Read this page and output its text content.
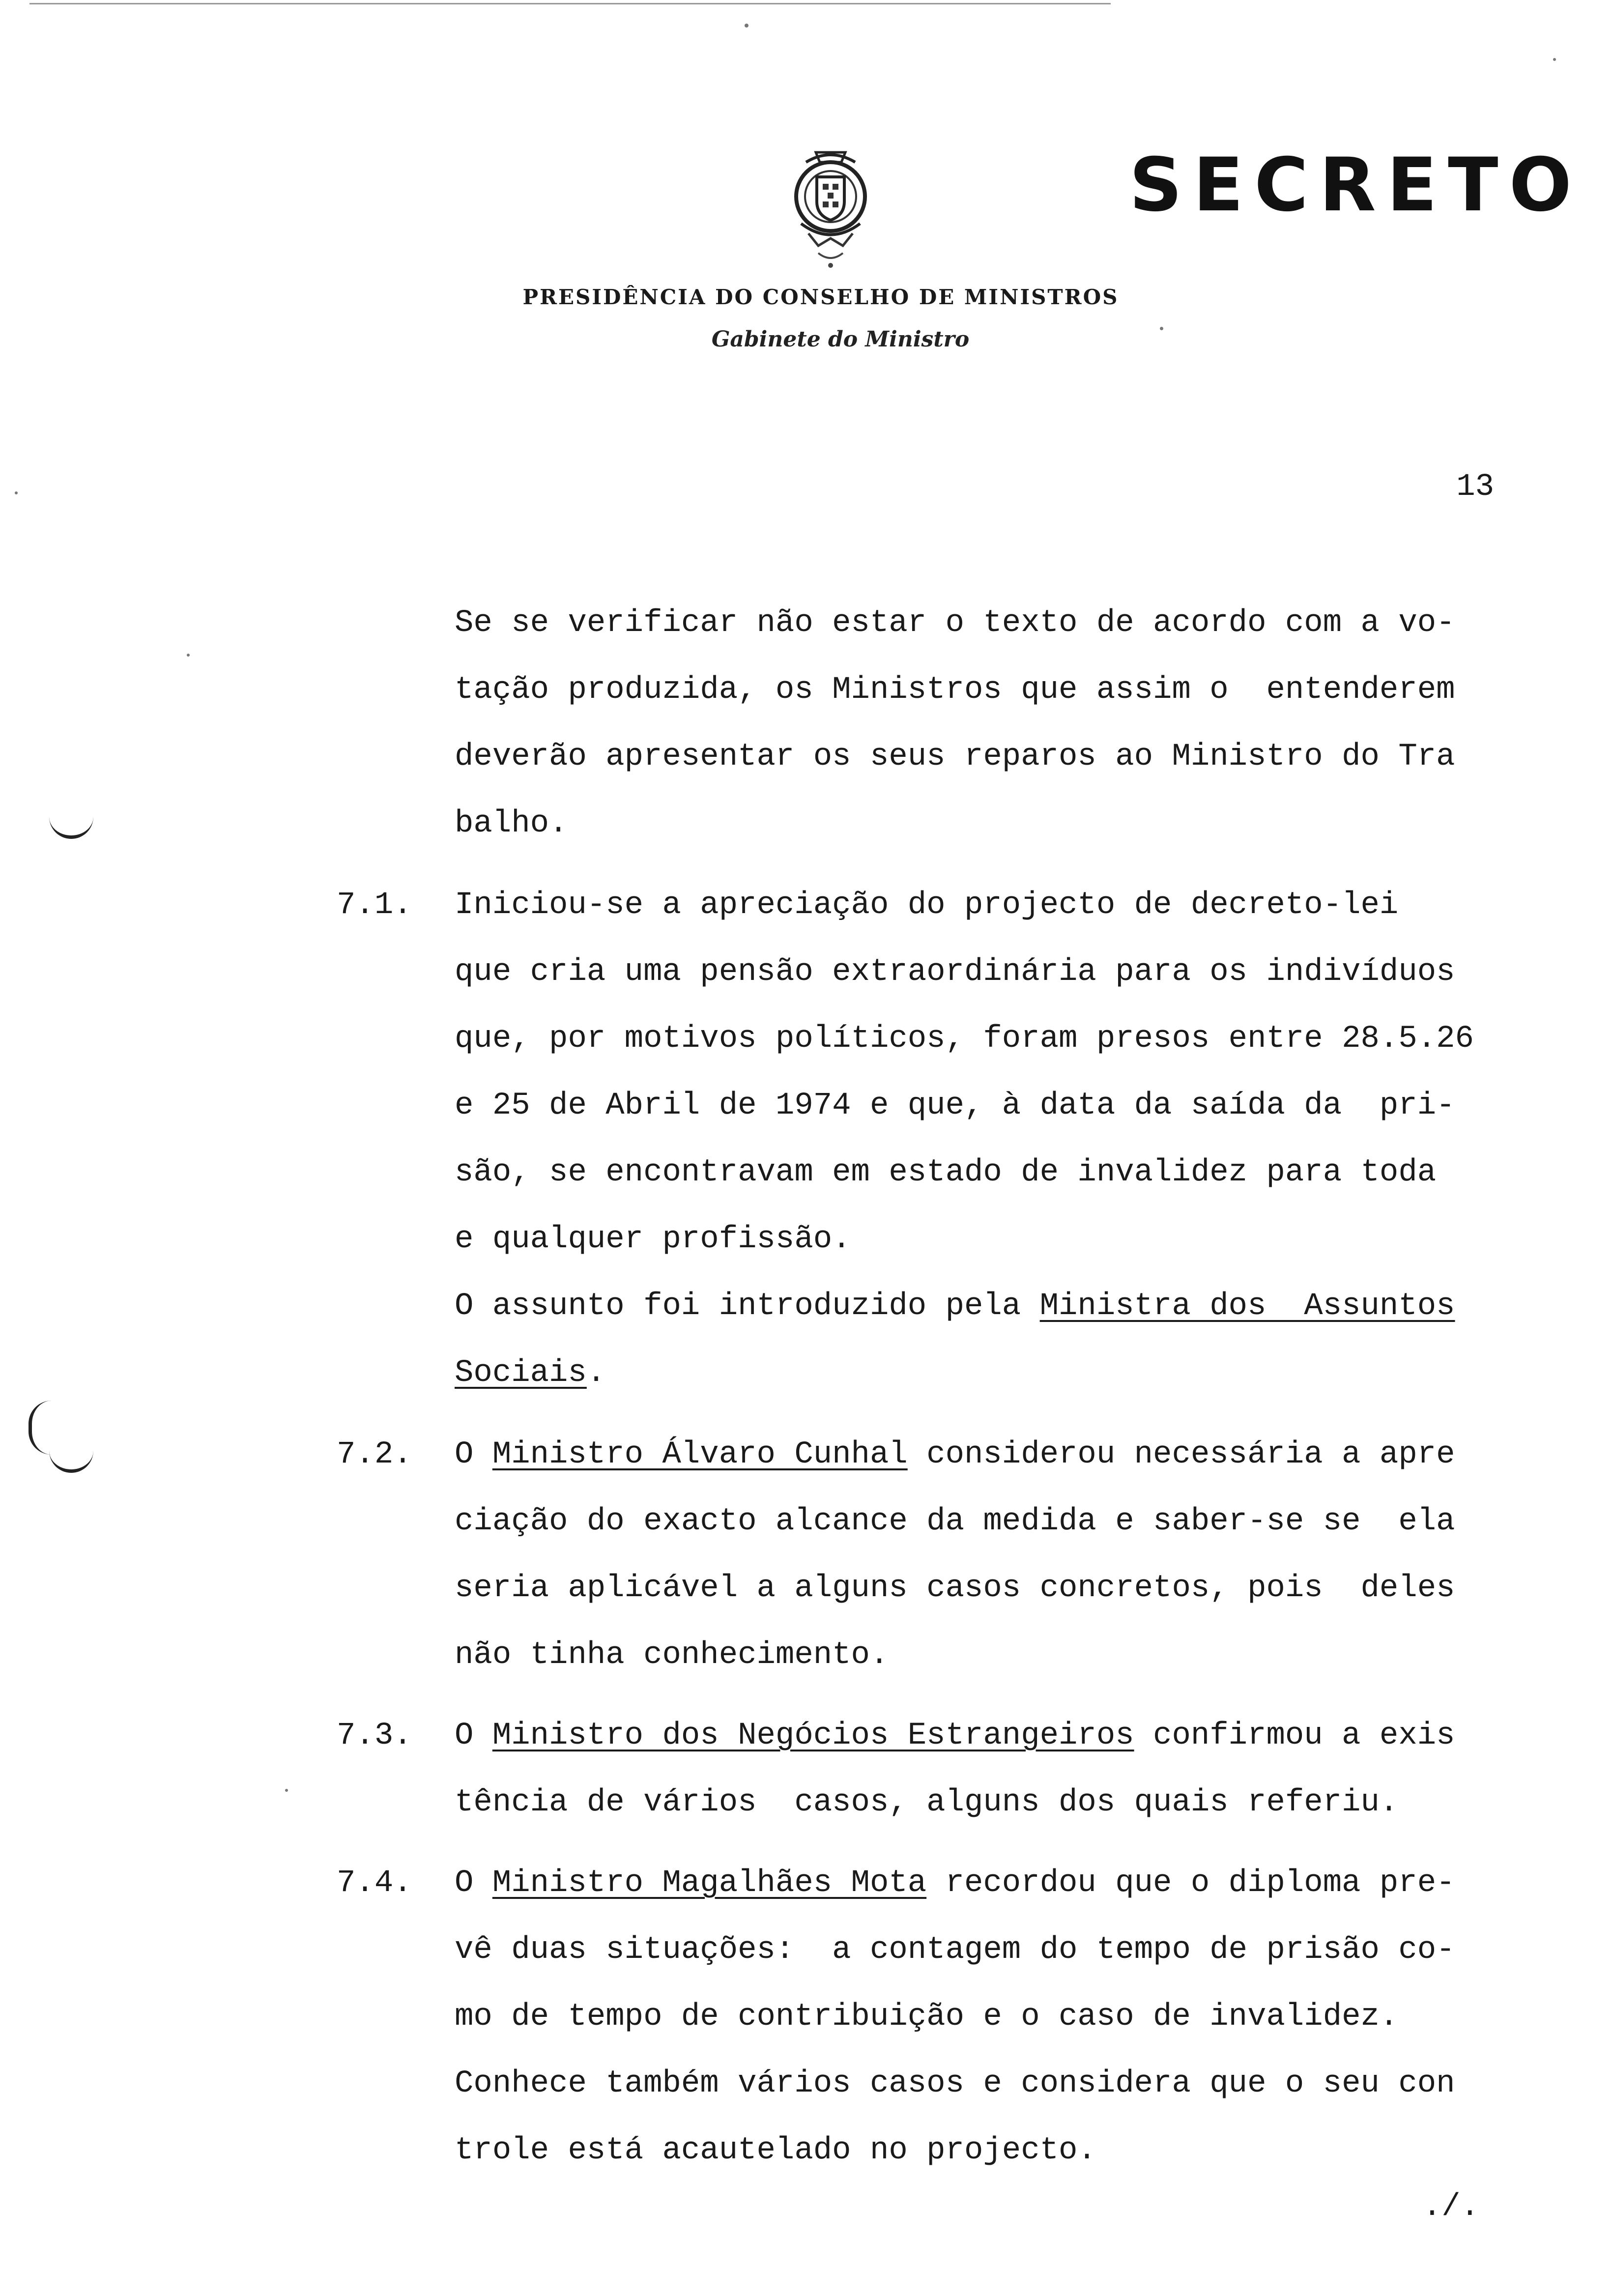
SECRETO
PRESIDÊNCIA DO CONSELHO DE MINISTROS
Gabinete do Ministro
13
Se se verificar não estar o texto de acordo com a vo-
tação produzida, os Ministros que assim o  entenderem
deverão apresentar os seus reparos ao Ministro do Tra
balho.
7.1. Iniciou-se a apreciação do projecto de decreto-lei
que cria uma pensão extraordinária para os indivíduos
que, por motivos políticos, foram presos entre 28.5.26
e 25 de Abril de 1974 e que, à data da saída da  pri-
são, se encontravam em estado de invalidez para toda
e qualquer profissão.
O assunto foi introduzido pela Ministra dos  Assuntos
Sociais.
7.2. O Ministro Álvaro Cunhal considerou necessária a apre
ciação do exacto alcance da medida e saber-se se  ela
seria aplicável a alguns casos concretos, pois  deles
não tinha conhecimento.
7.3. O Ministro dos Negócios Estrangeiros confirmou a exis
tência de vários  casos, alguns dos quais referiu.
7.4. O Ministro Magalhães Mota recordou que o diploma pre-
vê duas situações:  a contagem do tempo de prisão co-
mo de tempo de contribuição e o caso de invalidez.
Conhece também vários casos e considera que o seu con
trole está acautelado no projecto.
./.
